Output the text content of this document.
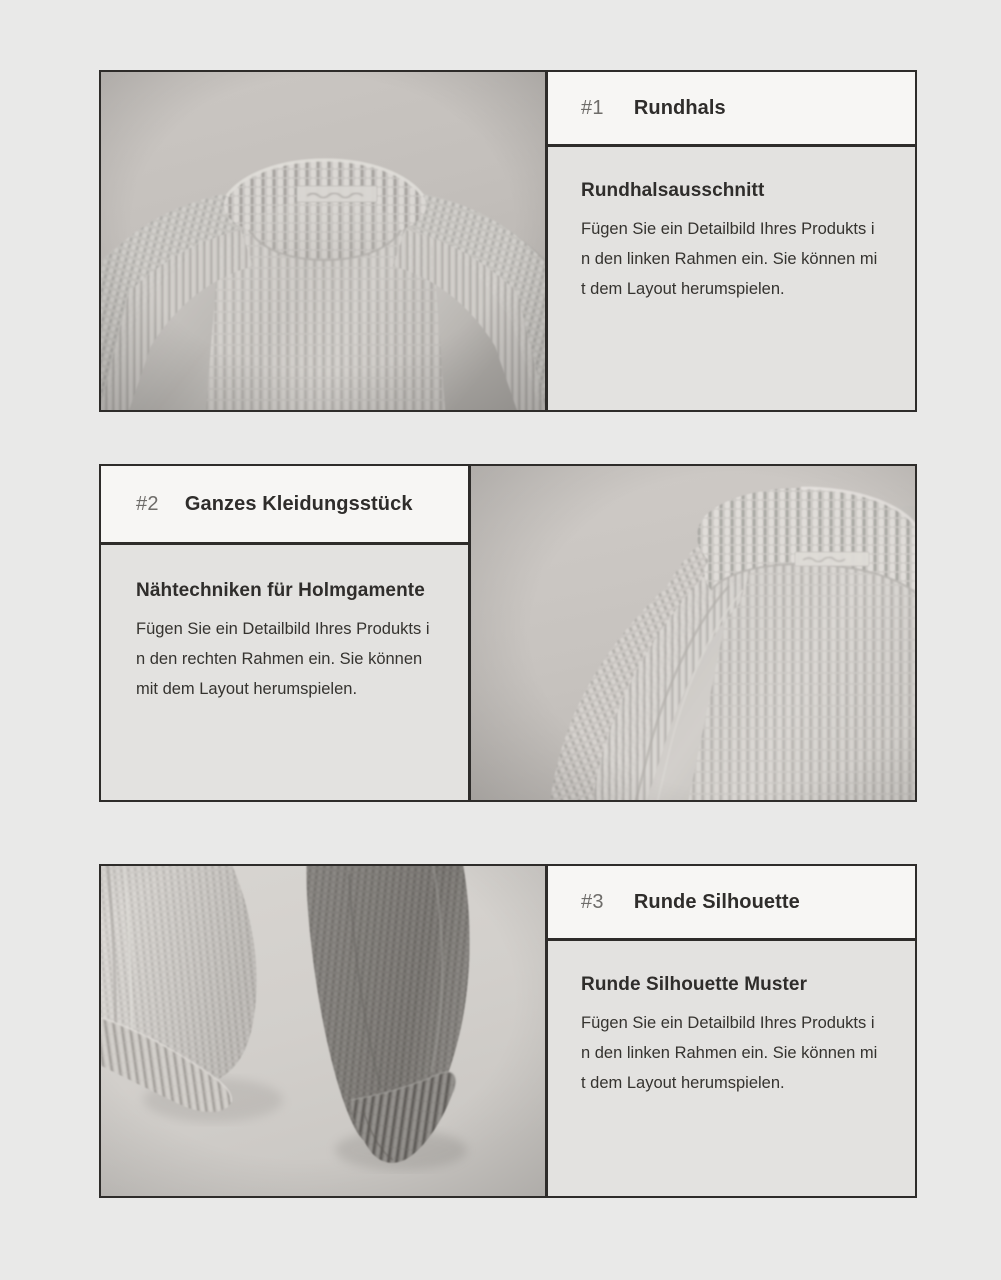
#1 Rundhals

Rundhalsausschnitt

Fügen Sie ein Detailbild Ihres Produkts in den linken Rahmen ein. Sie können mit dem Layout herumspielen.

#2 Ganzes Kleidungsstück

Nähtechniken für Holmgamente

Fügen Sie ein Detailbild Ihres Produkts in den rechten Rahmen ein. Sie können mit dem Layout herumspielen.

#3 Runde Silhouette

Runde Silhouette Muster

Fügen Sie ein Detailbild Ihres Produkts in den linken Rahmen ein. Sie können mit dem Layout herumspielen.
